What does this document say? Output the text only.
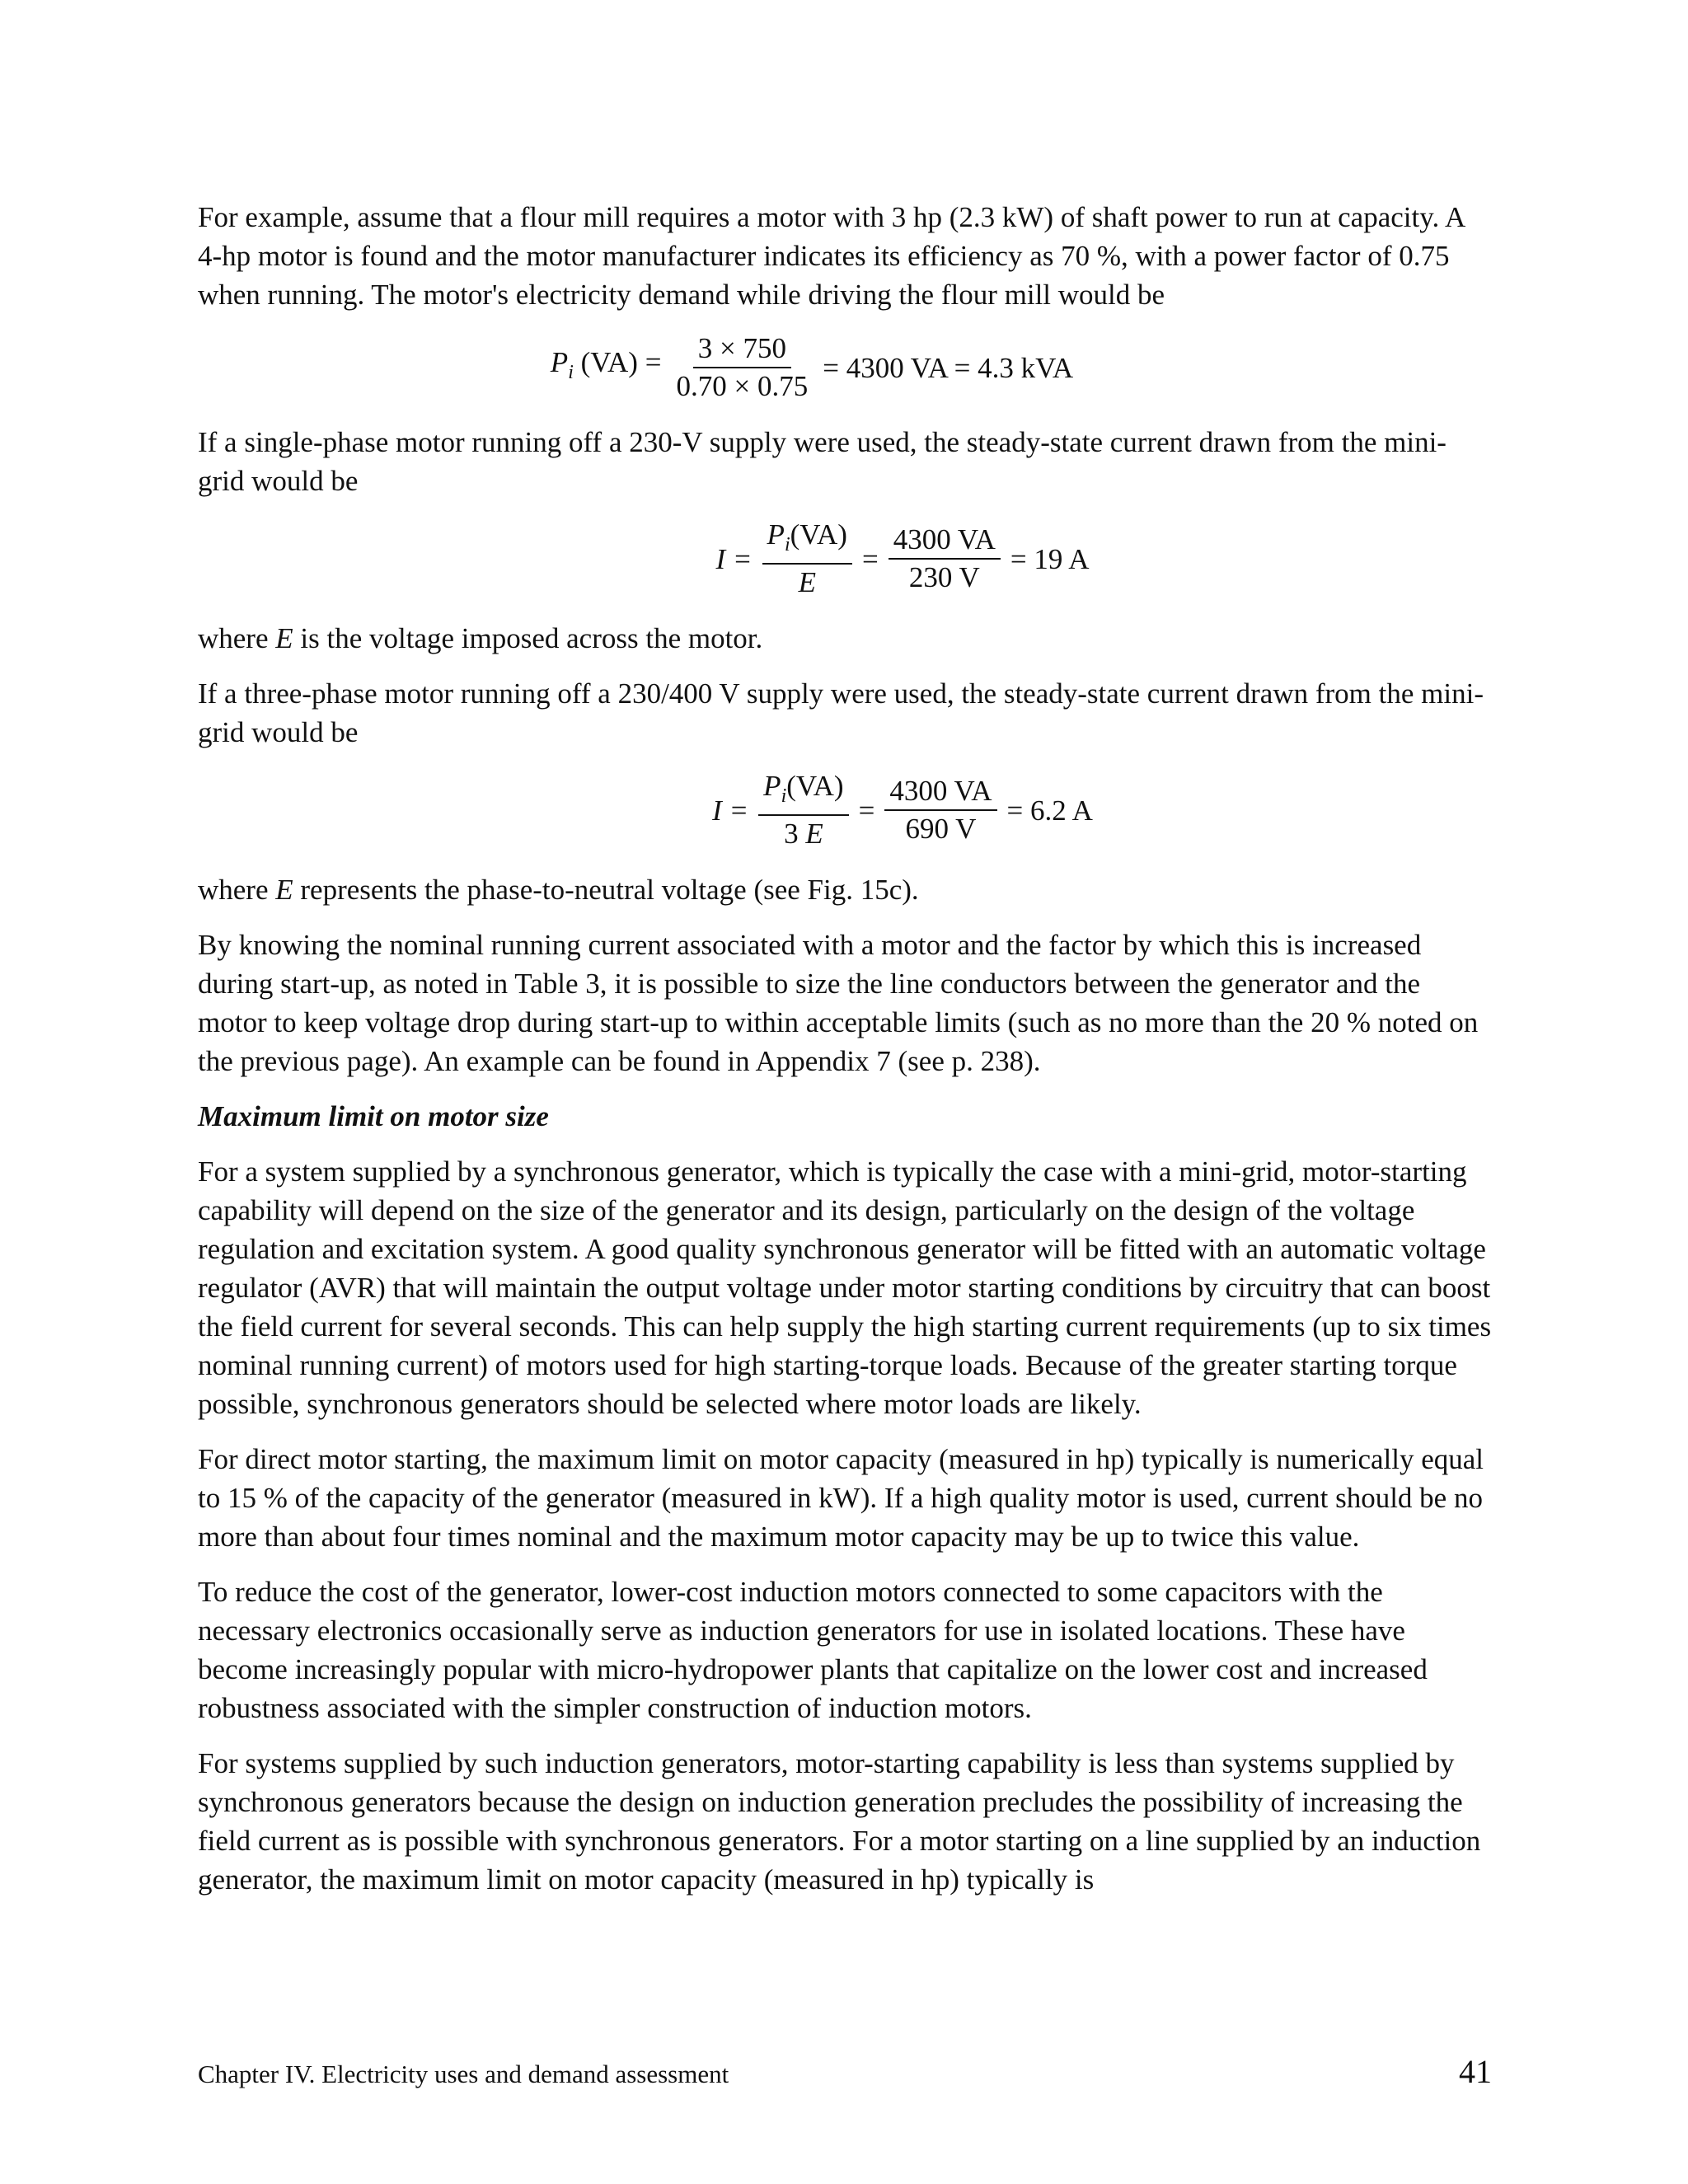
For example, assume that a flour mill requires a motor with 3 hp (2.3 kW) of shaft power to run at capacity. A 4-hp motor is found and the motor manufacturer indicates its efficiency as 70 %, with a power factor of 0.75 when running. The motor's electricity demand while driving the flour mill would be

$P_i$ $(VA) = \frac{3 \times 750}{0.70 \times 0.75} = 4300$ VA = 4.3 kVA

If a single-phase motor running off a 230-V supply were used, the steady-state current drawn from the mini-grid would be

$I = \frac{P_i(VA)}{E} = \frac{4300 VA}{230 V} = 19$ A

where E is the voltage imposed across the motor.

If a three-phase motor running off a 230/400 V supply were used, the steady-state current drawn from the mini-grid would be

$I = \frac{P_i(VA)}{3 E} = \frac{4300 VA}{690 V} = 6.2$ A

where E represents the phase-to-neutral voltage (see Fig. 15c).

By knowing the nominal running current associated with a motor and the factor by which this is increased during start-up, as noted in Table 3, it is possible to size the line conductors between the generator and the motor to keep voltage drop during start-up to within acceptable limits (such as no more than the 20 % noted on the previous page). An example can be found in Appendix 7 (see p. 238).

Maximum limit on motor size

For a system supplied by a synchronous generator, which is typically the case with a mini-grid, motor-starting capability will depend on the size of the generator and its design, particularly on the design of the voltage regulation and excitation system. A good quality synchronous generator will be fitted with an automatic voltage regulator (AVR) that will maintain the output voltage under motor starting conditions by circuitry that can boost the field current for several seconds. This can help supply the high starting current requirements (up to six times nominal running current) of motors used for high starting-torque loads. Because of the greater starting torque possible, synchronous generators should be selected where motor loads are likely.

For direct motor starting, the maximum limit on motor capacity (measured in hp) typically is numerically equal to 15 % of the capacity of the generator (measured in kW). If a high quality motor is used, current should be no more than about four times nominal and the maximum motor capacity may be up to twice this value.

To reduce the cost of the generator, lower-cost induction motors connected to some capacitors with the necessary electronics occasionally serve as induction generators for use in isolated locations. These have become increasingly popular with micro-hydropower plants that capitalize on the lower cost and increased robustness associated with the simpler construction of induction motors.

For systems supplied by such induction generators, motor-starting capability is less than systems supplied by synchronous generators because the design on induction generation precludes the possibility of increasing the field current as is possible with synchronous generators. For a motor starting on a line supplied by an induction generator, the maximum limit on motor capacity (measured in hp) typically is

Chapter IV. Electricity uses and demand assessment	41
